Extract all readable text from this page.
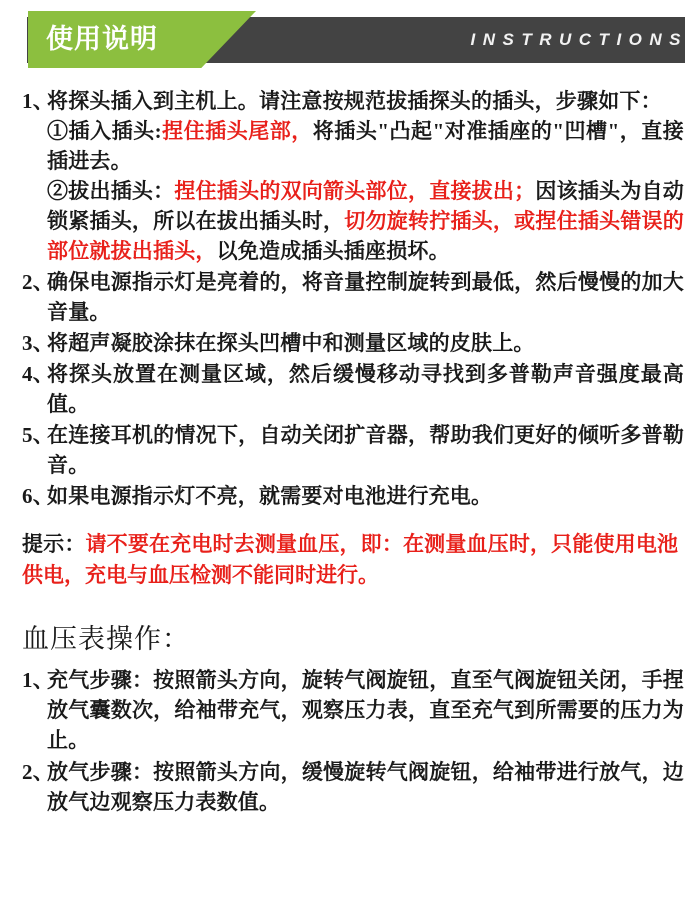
使用说明	INSTRUCTIONS
1、

将探头插入到主机上。请注意按规范拔插探头的插头，步骤如下：

①插入插头:捏住插头尾部，将插头"凸起"对准插座的"凹槽"，直接插进去。

②拔出插头：捏住插头的双向箭头部位，直接拔出；因该插头为自动锁紧插头，所以在拔出插头时，切勿旋转拧插头，或捏住插头错误的部位就拔出插头，以免造成插头插座损坏。

2、

确保电源指示灯是亮着的，将音量控制旋转到最低，然后慢慢的加大音量。

3、

将超声凝胶涂抹在探头凹槽中和测量区域的皮肤上。

4、

将探头放置在测量区域，然后缓慢移动寻找到多普勒声音强度最高值。

5、

在连接耳机的情况下，自动关闭扩音器，帮助我们更好的倾听多普勒音。

6、

如果电源指示灯不亮，就需要对电池进行充电。

提示：请不要在充电时去测量血压，即：在测量血压时，只能使用电池供电，充电与血压检测不能同时进行。
血压表操作：
1、

充气步骤：按照箭头方向，旋转气阀旋钮，直至气阀旋钮关闭，手捏放气囊数次，给袖带充气，观察压力表，直至充气到所需要的压力为止。

2、

放气步骤：按照箭头方向，缓慢旋转气阀旋钮，给袖带进行放气，边放气边观察压力表数值。
